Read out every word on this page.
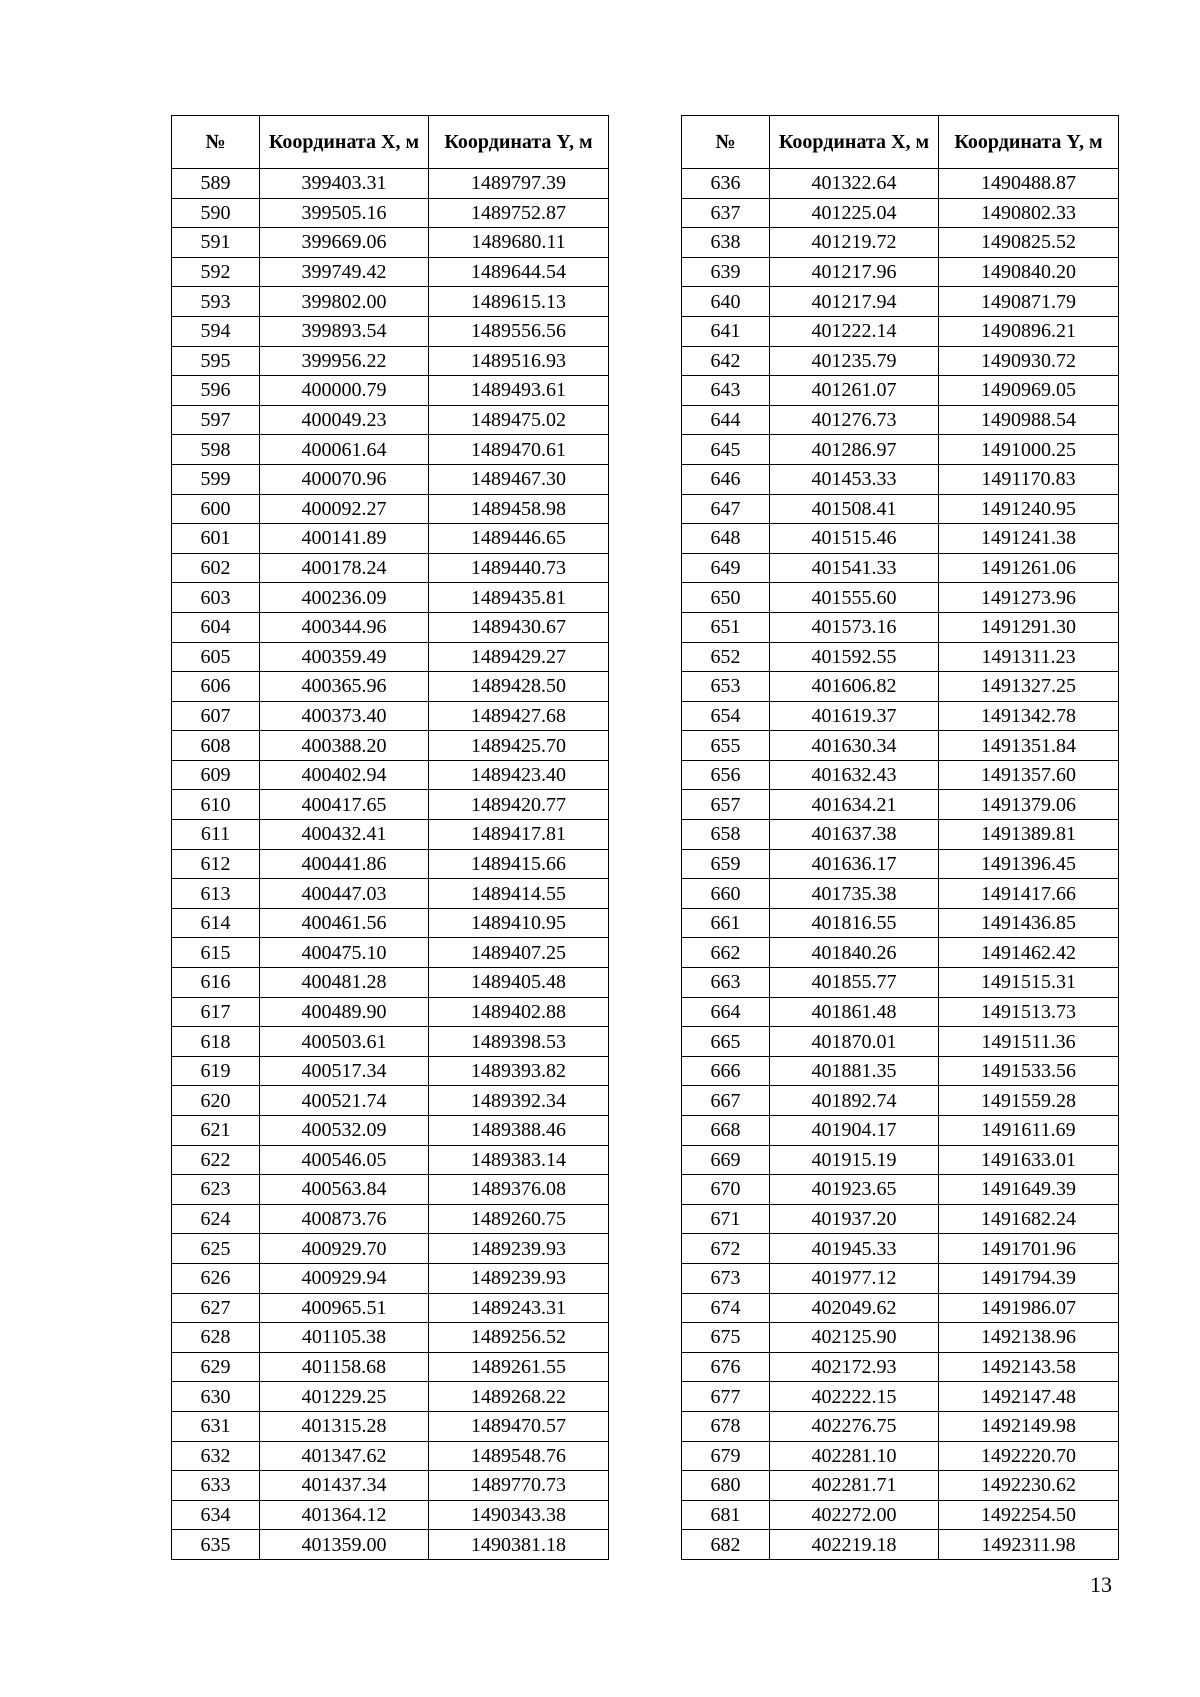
№	Координата X, м	Координата Y, м
589	399403.31	1489797.39
590	399505.16	1489752.87
591	399669.06	1489680.11
592	399749.42	1489644.54
593	399802.00	1489615.13
594	399893.54	1489556.56
595	399956.22	1489516.93
596	400000.79	1489493.61
597	400049.23	1489475.02
598	400061.64	1489470.61
599	400070.96	1489467.30
600	400092.27	1489458.98
601	400141.89	1489446.65
602	400178.24	1489440.73
603	400236.09	1489435.81
604	400344.96	1489430.67
605	400359.49	1489429.27
606	400365.96	1489428.50
607	400373.40	1489427.68
608	400388.20	1489425.70
609	400402.94	1489423.40
610	400417.65	1489420.77
611	400432.41	1489417.81
612	400441.86	1489415.66
613	400447.03	1489414.55
614	400461.56	1489410.95
615	400475.10	1489407.25
616	400481.28	1489405.48
617	400489.90	1489402.88
618	400503.61	1489398.53
619	400517.34	1489393.82
620	400521.74	1489392.34
621	400532.09	1489388.46
622	400546.05	1489383.14
623	400563.84	1489376.08
624	400873.76	1489260.75
625	400929.70	1489239.93
626	400929.94	1489239.93
627	400965.51	1489243.31
628	401105.38	1489256.52
629	401158.68	1489261.55
630	401229.25	1489268.22
631	401315.28	1489470.57
632	401347.62	1489548.76
633	401437.34	1489770.73
634	401364.12	1490343.38
635	401359.00	1490381.18
№	Координата X, м	Координата Y, м
636	401322.64	1490488.87
637	401225.04	1490802.33
638	401219.72	1490825.52
639	401217.96	1490840.20
640	401217.94	1490871.79
641	401222.14	1490896.21
642	401235.79	1490930.72
643	401261.07	1490969.05
644	401276.73	1490988.54
645	401286.97	1491000.25
646	401453.33	1491170.83
647	401508.41	1491240.95
648	401515.46	1491241.38
649	401541.33	1491261.06
650	401555.60	1491273.96
651	401573.16	1491291.30
652	401592.55	1491311.23
653	401606.82	1491327.25
654	401619.37	1491342.78
655	401630.34	1491351.84
656	401632.43	1491357.60
657	401634.21	1491379.06
658	401637.38	1491389.81
659	401636.17	1491396.45
660	401735.38	1491417.66
661	401816.55	1491436.85
662	401840.26	1491462.42
663	401855.77	1491515.31
664	401861.48	1491513.73
665	401870.01	1491511.36
666	401881.35	1491533.56
667	401892.74	1491559.28
668	401904.17	1491611.69
669	401915.19	1491633.01
670	401923.65	1491649.39
671	401937.20	1491682.24
672	401945.33	1491701.96
673	401977.12	1491794.39
674	402049.62	1491986.07
675	402125.90	1492138.96
676	402172.93	1492143.58
677	402222.15	1492147.48
678	402276.75	1492149.98
679	402281.10	1492220.70
680	402281.71	1492230.62
681	402272.00	1492254.50
682	402219.18	1492311.98
13
